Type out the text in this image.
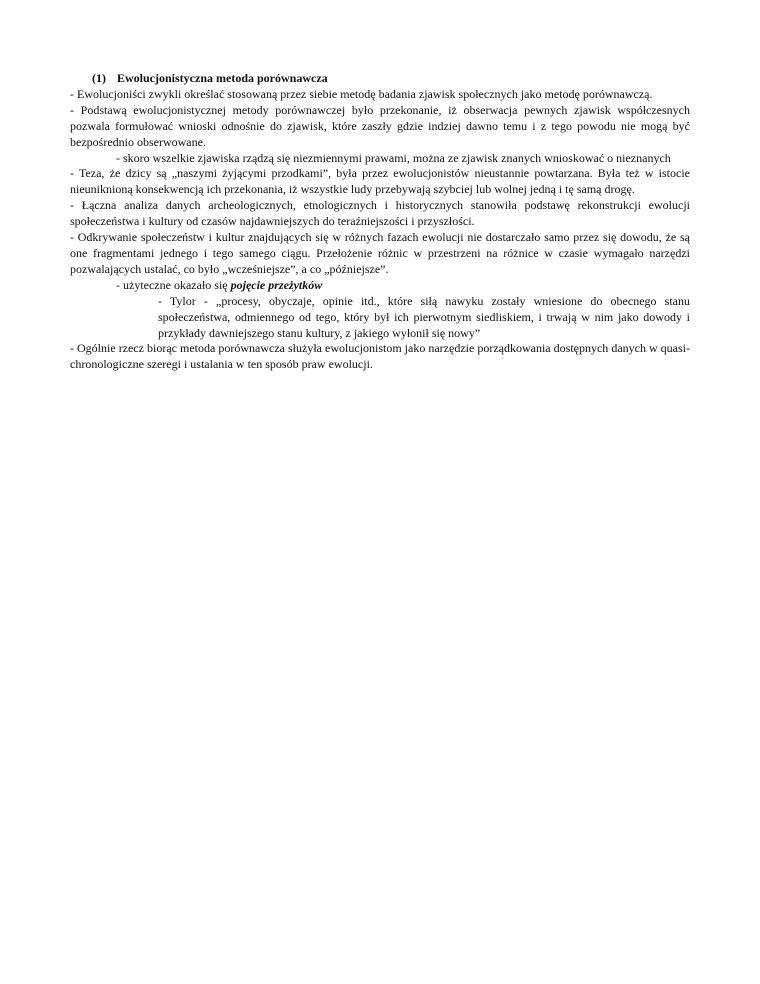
(1) Ewolucjonistyczna metoda porównawcza

- Ewolucjoniści zwykli określać stosowaną przez siebie metodę badania zjawisk społecznych jako metodę porównawczą.

- Podstawą ewolucjonistycznej metody porównawczej było przekonanie, iż obserwacja pewnych zjawisk współczesnych pozwala formułować wnioski odnośnie do zjawisk, które zaszły gdzie indziej dawno temu i z tego powodu nie mogą być bezpośrednio obserwowane.

- skoro wszelkie zjawiska rządzą się niezmiennymi prawami, można ze zjawisk znanych wnioskować o nieznanych

- Teza, że dzicy są „naszymi żyjącymi przodkami”, była przez ewolucjonistów nieustannie powtarzana. Była też w istocie nieuniknioną konsekwencją ich przekonania, iż wszystkie ludy przebywają szybciej lub wolnej jedną i tę samą drogę.

- Łączna analiza danych archeologicznych, etnologicznych i historycznych stanowiła podstawę rekonstrukcji ewolucji społeczeństwa i kultury od czasów najdawniejszych do teraźniejszości i przyszłości.

- Odkrywanie społeczeństw i kultur znajdujących się w różnych fazach ewolucji nie dostarczało samo przez się dowodu, że są one fragmentami jednego i tego samego ciągu. Przełożenie różnic w przestrzeni na różnice w czasie wymagało narzędzi pozwalających ustalać, co było „wcześniejsze”, a co „późniejsze”.

- użyteczne okazało się pojęcie przeżytków

- Tylor - „procesy, obyczaje, opinie itd., które siłą nawyku zostały wniesione do obecnego stanu społeczeństwa, odmiennego od tego, który był ich pierwotnym siedliskiem, i trwają w nim jako dowody i przykłady dawniejszego stanu kultury, z jakiego wyłonił się nowy”

- Ogólnie rzecz biorąc metoda porównawcza służyła ewolucjonistom jako narzędzie porządkowania dostępnych danych w quasi-chronologiczne szeregi i ustalania w ten sposób praw ewolucji.
